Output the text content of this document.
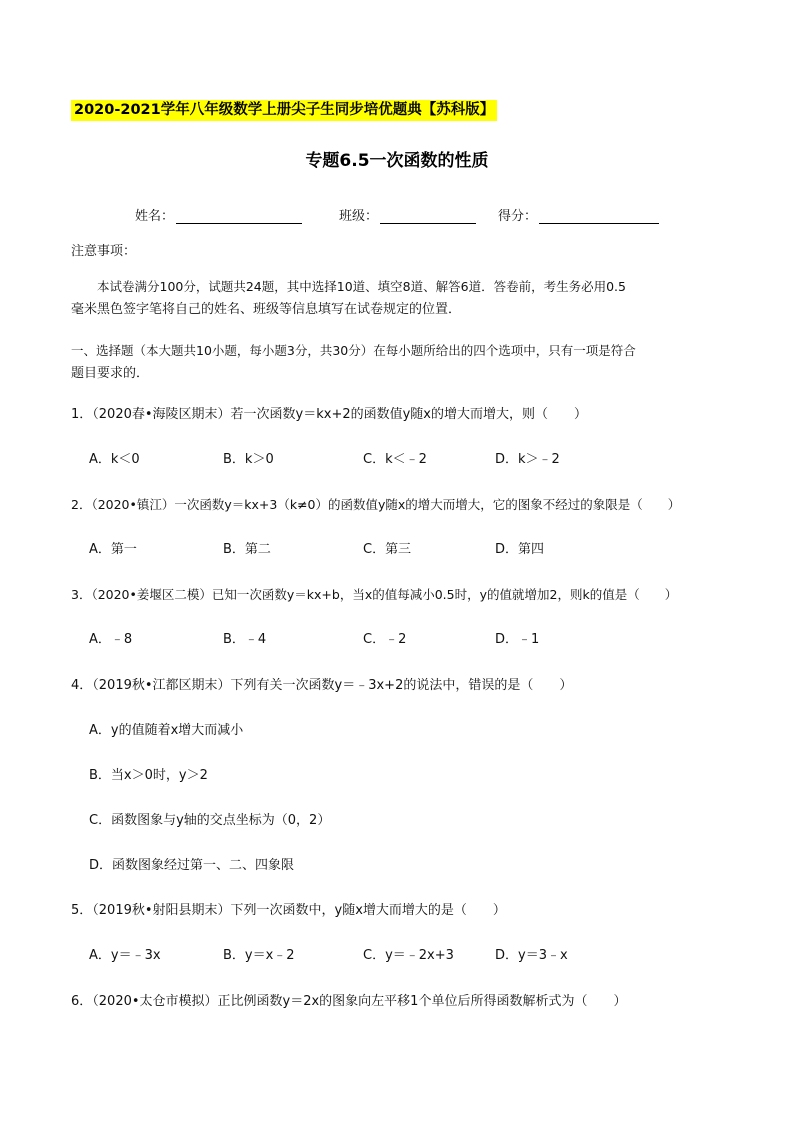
2020-2021学年八年级数学上册尖子生同步培优题典【苏科版】
专题6.5一次函数的性质
姓名：	班级：	得分：
注意事项：
本试卷满分100分，试题共24题，其中选择10道、填空8道、解答6道．答卷前，考生务必用0.5
毫米黑色签字笔将自己的姓名、班级等信息填写在试卷规定的位置．
一、选择题（本大题共10小题，每小题3分，共30分）在每小题所给出的四个选项中，只有一项是符合
题目要求的．
1．（2020春•海陵区期末）若一次函数y＝kx+2的函数值y随x的增大而增大，则（　　）
A．k＜0	B．k＞0	C．k＜﹣2	D．k＞﹣2
2．（2020•镇江）一次函数y＝kx+3（k≠0）的函数值y随x的增大而增大，它的图象不经过的象限是（　　）
A．第一	B．第二	C．第三	D．第四
3．（2020•姜堰区二模）已知一次函数y＝kx+b，当x的值每减小0.5时，y的值就增加2，则k的值是（　　）
A．﹣8	B．﹣4	C．﹣2	D．﹣1
4．（2019秋•江都区期末）下列有关一次函数y＝﹣3x+2的说法中，错误的是（　　）
A．y的值随着x增大而减小
B．当x＞0时，y＞2
C．函数图象与y轴的交点坐标为（0，2）
D．函数图象经过第一、二、四象限
5．（2019秋•射阳县期末）下列一次函数中，y随x增大而增大的是（　　）
A．y＝﹣3x	B．y＝x﹣2	C．y＝﹣2x+3	D．y＝3﹣x
6．（2020•太仓市模拟）正比例函数y＝2x的图象向左平移1个单位后所得函数解析式为（　　）
